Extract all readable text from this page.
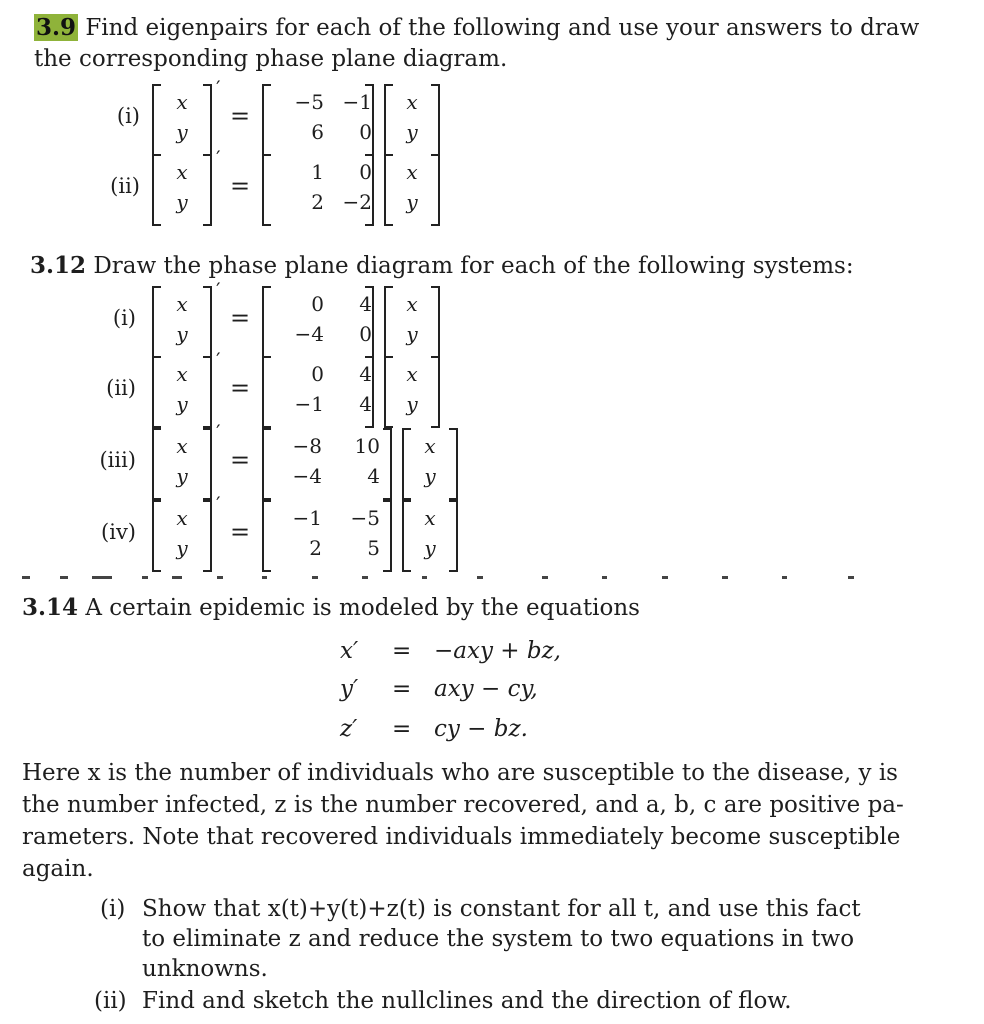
3.9 Find eigenpairs for each of the following and use your answers to draw
the corresponding phase plane diagram.
(i)
x
y
′
=	−5 −1
6	0
x
y
(ii)
x
y
′
=	1	0
2 −2
x
y
3.12 Draw the phase plane diagram for each of the following systems:
(i)
x
y
′
=	0	4
−4	0
x
y
(ii)
x
y
′
=	0	4
−1	4
x
y
(iii)
x
y
′
=	−8	10
−4	4
x
y
(iv)
x
y
′
=	−1	−5
2	5
x
y
3.14 A certain epidemic is modeled by the equations
x′ = −axy + bz,
y′ = axy − cy,
z′ = cy − bz.
Here x is the number of individuals who are susceptible to the disease, y is
the number infected, z is the number recovered, and a, b, c are positive pa-
rameters. Note that recovered individuals immediately become susceptible
again.
(i) Show that x(t)+y(t)+z(t) is constant for all t, and use this fact
to eliminate z and reduce the system to two equations in two
unknowns.
(ii) Find and sketch the nullclines and the direction of flow.
